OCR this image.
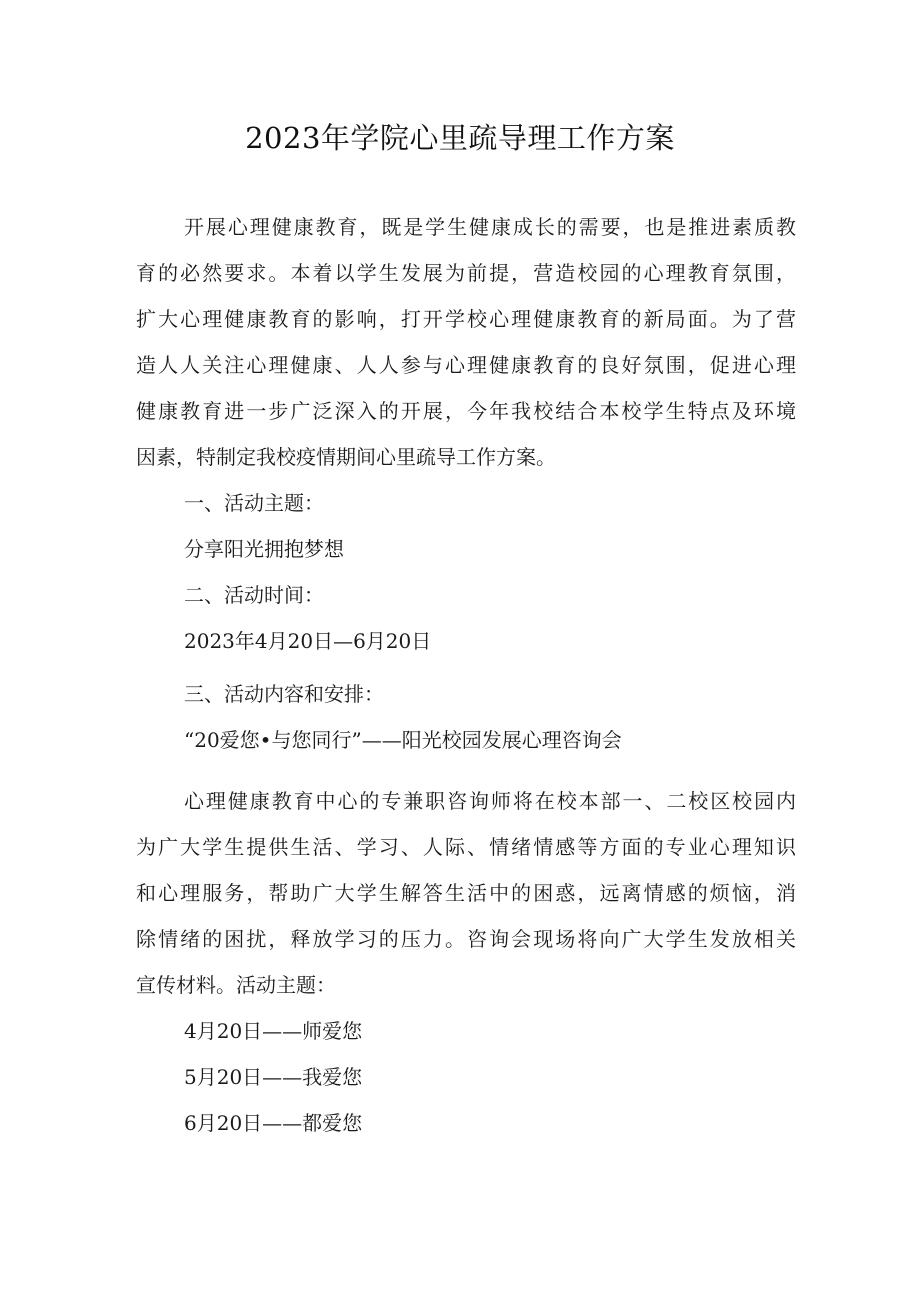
2023年学院心里疏导理工作方案
开展心理健康教育，既是学生健康成长的需要，也是推进素质教
育的必然要求。本着以学生发展为前提，营造校园的心理教育氛围，
扩大心理健康教育的影响，打开学校心理健康教育的新局面。为了营
造人人关注心理健康、人人参与心理健康教育的良好氛围，促进心理
健康教育进一步广泛深入的开展，今年我校结合本校学生特点及环境
因素，特制定我校疫情期间心里疏导工作方案。
一、活动主题：
分享阳光拥抱梦想
二、活动时间：
2023年4月20日—6月20日
三、活动内容和安排：
“20爱您•与您同行”——阳光校园发展心理咨询会
心理健康教育中心的专兼职咨询师将在校本部一、二校区校园内
为广大学生提供生活、学习、人际、情绪情感等方面的专业心理知识
和心理服务，帮助广大学生解答生活中的困惑，远离情感的烦恼，消
除情绪的困扰，释放学习的压力。咨询会现场将向广大学生发放相关
宣传材料。活动主题：
4月20日——师爱您
5月20日——我爱您
6月20日——都爱您
